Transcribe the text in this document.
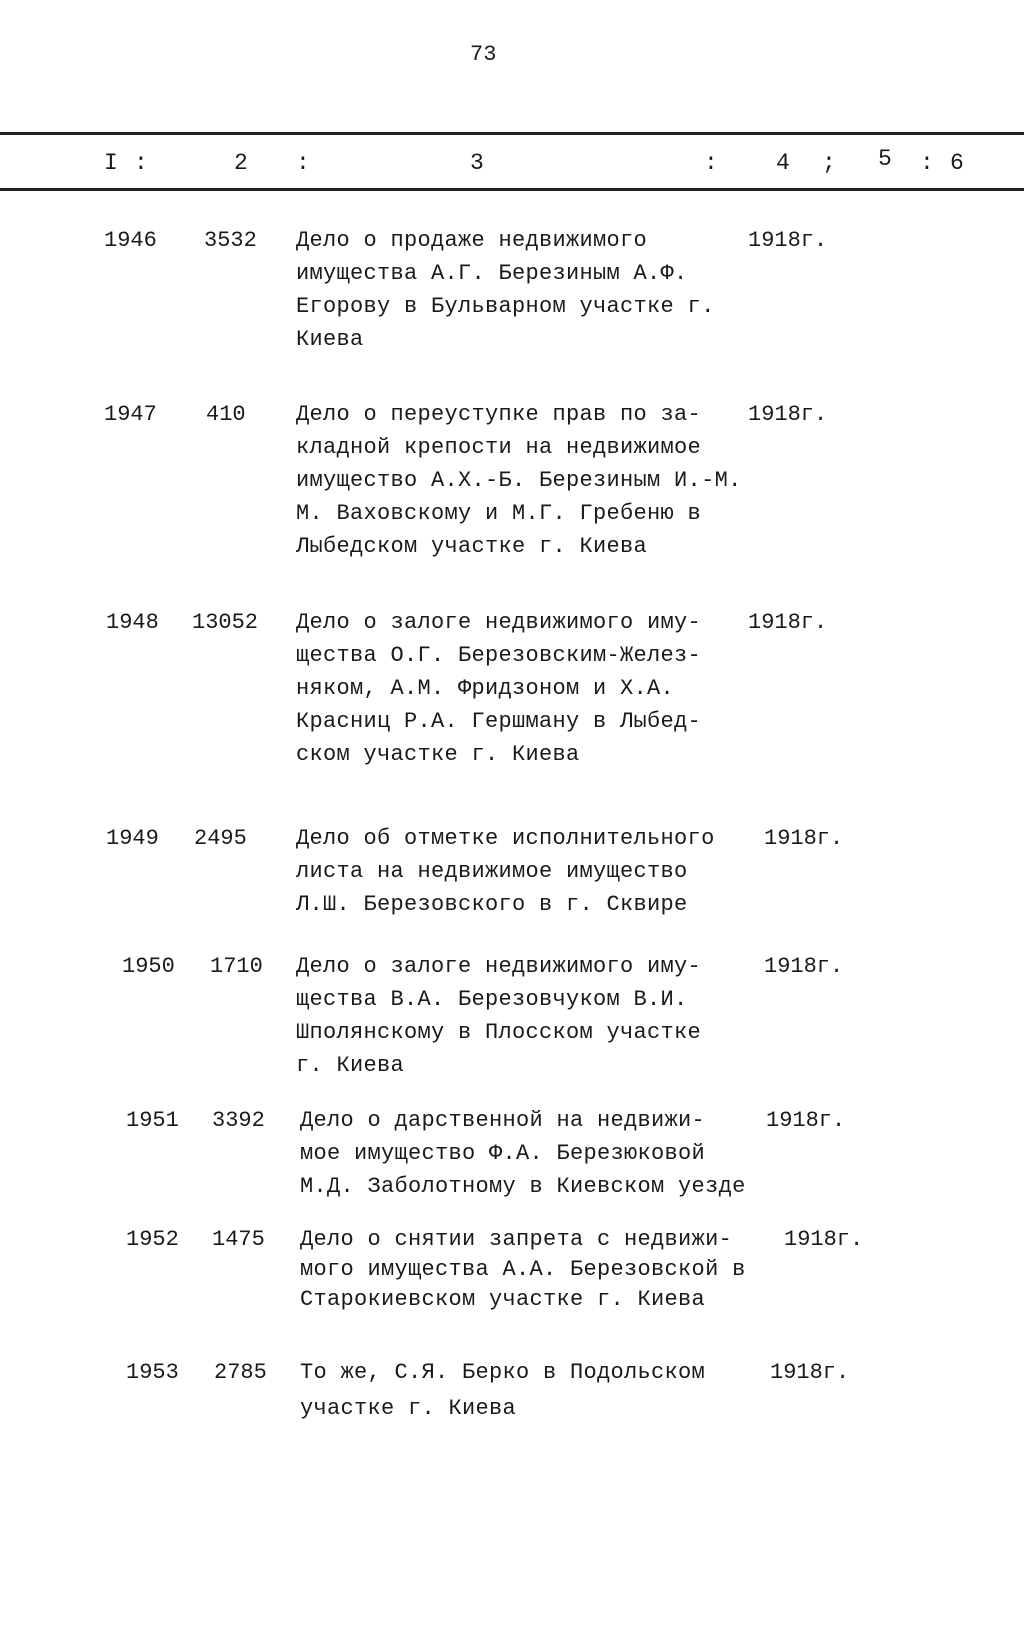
73
I :	2 :	3	:	4 ; 5 : 6
1946 3532 Дело о продаже недвижимого
имущества А.Г. Березиным А.Ф.
Егорову в Бульварном участке г.
Киева
1918г.
1947 410 Дело о переуступке прав по за-
кладной крепости на недвижимое
имущество А.Х.-Б. Березиным И.-М.
М. Ваховскому и М.Г. Гребеню в
Лыбедском участке г. Киева
1918г.
1948 13052 Дело о залоге недвижимого иму-
щества О.Г. Березовским-Желез-
няком, А.М. Фридзоном и Х.А.
Красниц Р.А. Гершману в Лыбед-
ском участке г. Киева
1918г.
1949 2495 Дело об отметке исполнительного
листа на недвижимое имущество
Л.Ш. Березовского в г. Сквире
1918г.
1950 1710 Дело о залоге недвижимого иму-
щества В.А. Березовчуком В.И.
Шполянскому в Плосском участке
г. Киева
1918г.
1951 3392 Дело о дарственной на недвижи-
мое имущество Ф.А. Березюковой
М.Д. Заболотному в Киевском уезде
1918г.
1952 1475 Дело о снятии запрета с недвижи-
мого имущества А.А. Березовской в
Старокиевском участке г. Киева
1918г.
1953 2785 То же, С.Я. Берко в Подольском
участке г. Киева
1918г.
